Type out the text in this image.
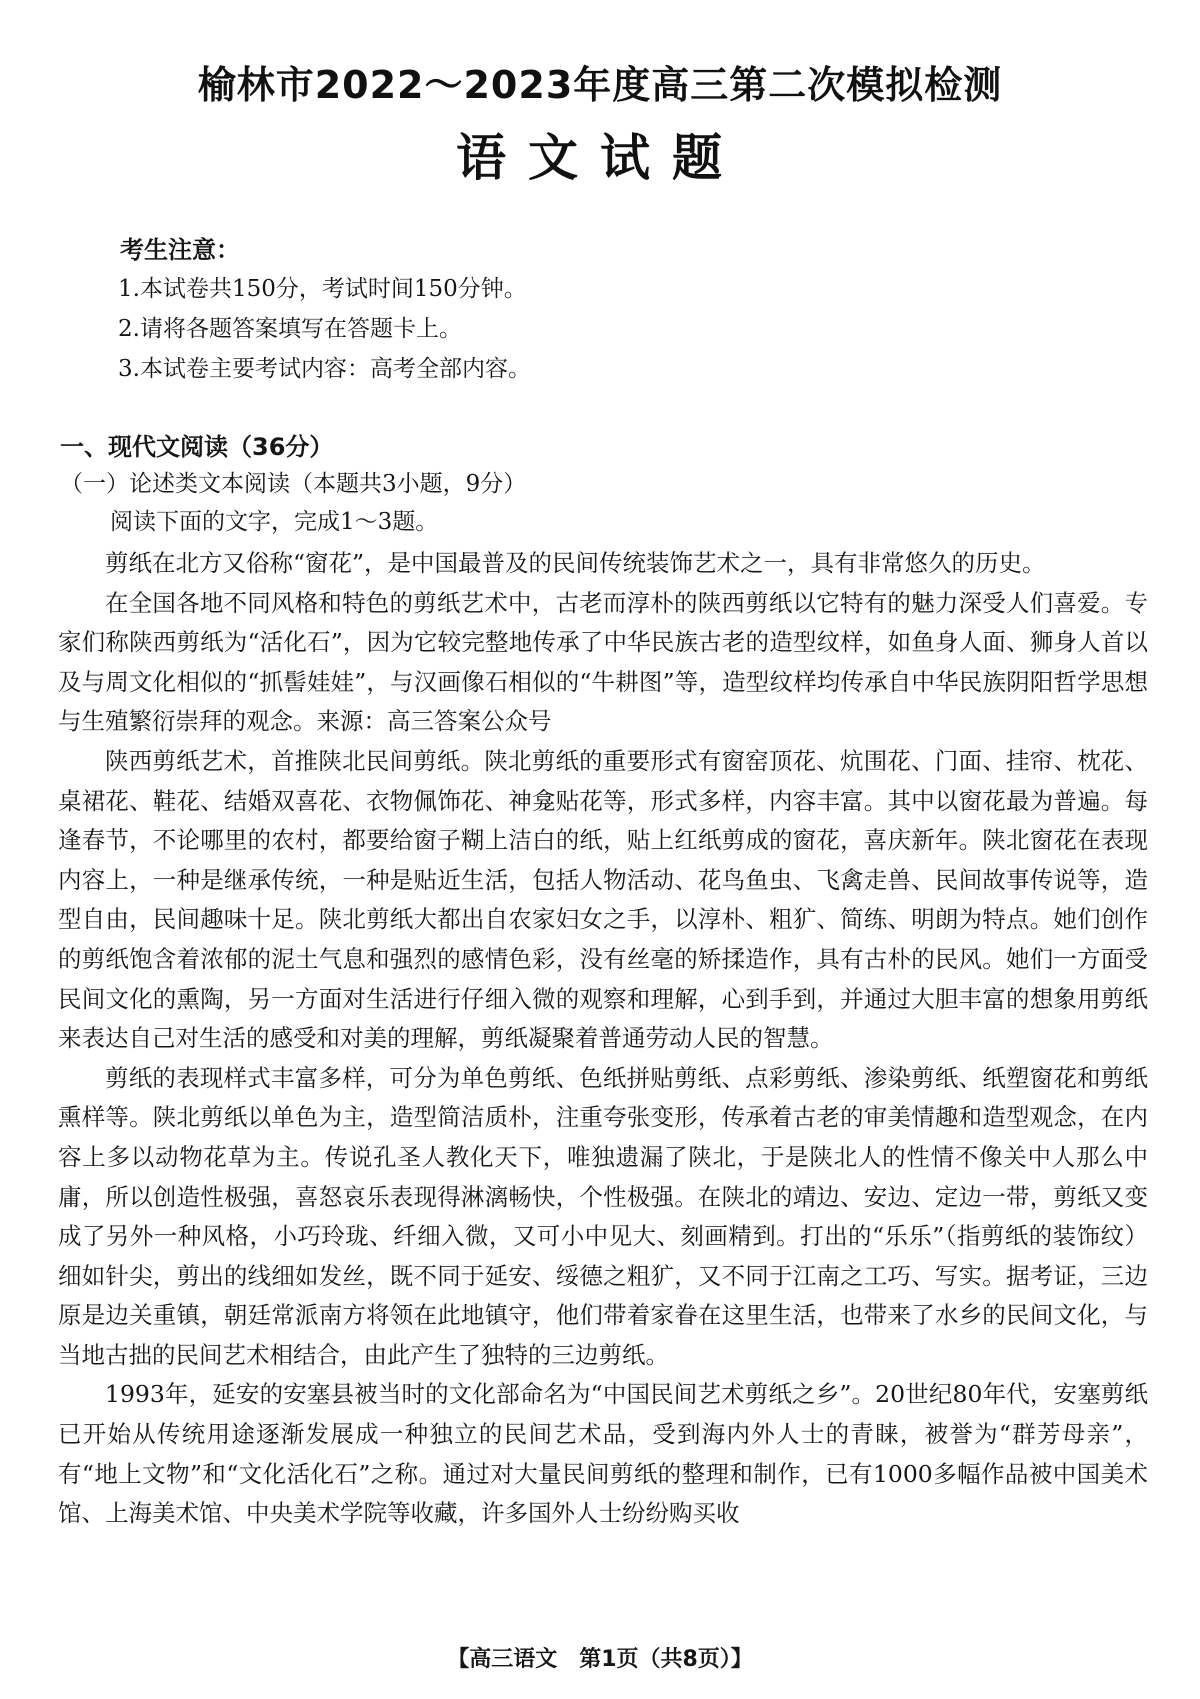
榆林市2022～2023年度高三第二次模拟检测
语文试题
考生注意：
1.本试卷共150分，考试时间150分钟。
2.请将各题答案填写在答题卡上。
3.本试卷主要考试内容：高考全部内容。
一、现代文阅读（36分）
（一）论述类文本阅读（本题共3小题，9分）
阅读下面的文字，完成1～3题。

剪纸在北方又俗称“窗花”，是中国最普及的民间传统装饰艺术之一，具有非常悠久的历史。

在全国各地不同风格和特色的剪纸艺术中，古老而淳朴的陕西剪纸以它特有的魅力深受人们喜爱。专家们称陕西剪纸为“活化石”，因为它较完整地传承了中华民族古老的造型纹样，如鱼身人面、狮身人首以及与周文化相似的“抓髻娃娃”，与汉画像石相似的“牛耕图”等，造型纹样均传承自中华民族阴阳哲学思想与生殖繁衍崇拜的观念。来源：高三答案公众号

陕西剪纸艺术，首推陕北民间剪纸。陕北剪纸的重要形式有窗窑顶花、炕围花、门面、挂帘、枕花、桌裙花、鞋花、结婚双喜花、衣物佩饰花、神龛贴花等，形式多样，内容丰富。其中以窗花最为普遍。每逢春节，不论哪里的农村，都要给窗子糊上洁白的纸，贴上红纸剪成的窗花，喜庆新年。陕北窗花在表现内容上，一种是继承传统，一种是贴近生活，包括人物活动、花鸟鱼虫、飞禽走兽、民间故事传说等，造型自由，民间趣味十足。陕北剪纸大都出自农家妇女之手，以淳朴、粗犷、简练、明朗为特点。她们创作的剪纸饱含着浓郁的泥土气息和强烈的感情色彩，没有丝毫的矫揉造作，具有古朴的民风。她们一方面受民间文化的熏陶，另一方面对生活进行仔细入微的观察和理解，心到手到，并通过大胆丰富的想象用剪纸来表达自己对生活的感受和对美的理解，剪纸凝聚着普通劳动人民的智慧。

剪纸的表现样式丰富多样，可分为单色剪纸、色纸拼贴剪纸、点彩剪纸、渗染剪纸、纸塑窗花和剪纸熏样等。陕北剪纸以单色为主，造型简洁质朴，注重夸张变形，传承着古老的审美情趣和造型观念，在内容上多以动物花草为主。传说孔圣人教化天下，唯独遗漏了陕北，于是陕北人的性情不像关中人那么中庸，所以创造性极强，喜怒哀乐表现得淋漓畅快，个性极强。在陕北的靖边、安边、定边一带，剪纸又变成了另外一种风格，小巧玲珑、纤细入微，又可小中见大、刻画精到。打出的“乐乐”（指剪纸的装饰纹）细如针尖，剪出的线细如发丝，既不同于延安、绥德之粗犷，又不同于江南之工巧、写实。据考证，三边原是边关重镇，朝廷常派南方将领在此地镇守，他们带着家眷在这里生活，也带来了水乡的民间文化，与当地古拙的民间艺术相结合，由此产生了独特的三边剪纸。

1993年，延安的安塞县被当时的文化部命名为“中国民间艺术剪纸之乡”。20世纪80年代，安塞剪纸已开始从传统用途逐渐发展成一种独立的民间艺术品，受到海内外人士的青睐，被誉为“群芳母亲”，有“地上文物”和“文化活化石”之称。通过对大量民间剪纸的整理和制作，已有1000多幅作品被中国美术馆、上海美术馆、中央美术学院等收藏，许多国外人士纷纷购买收

【高三语文　第1页（共8页）】
